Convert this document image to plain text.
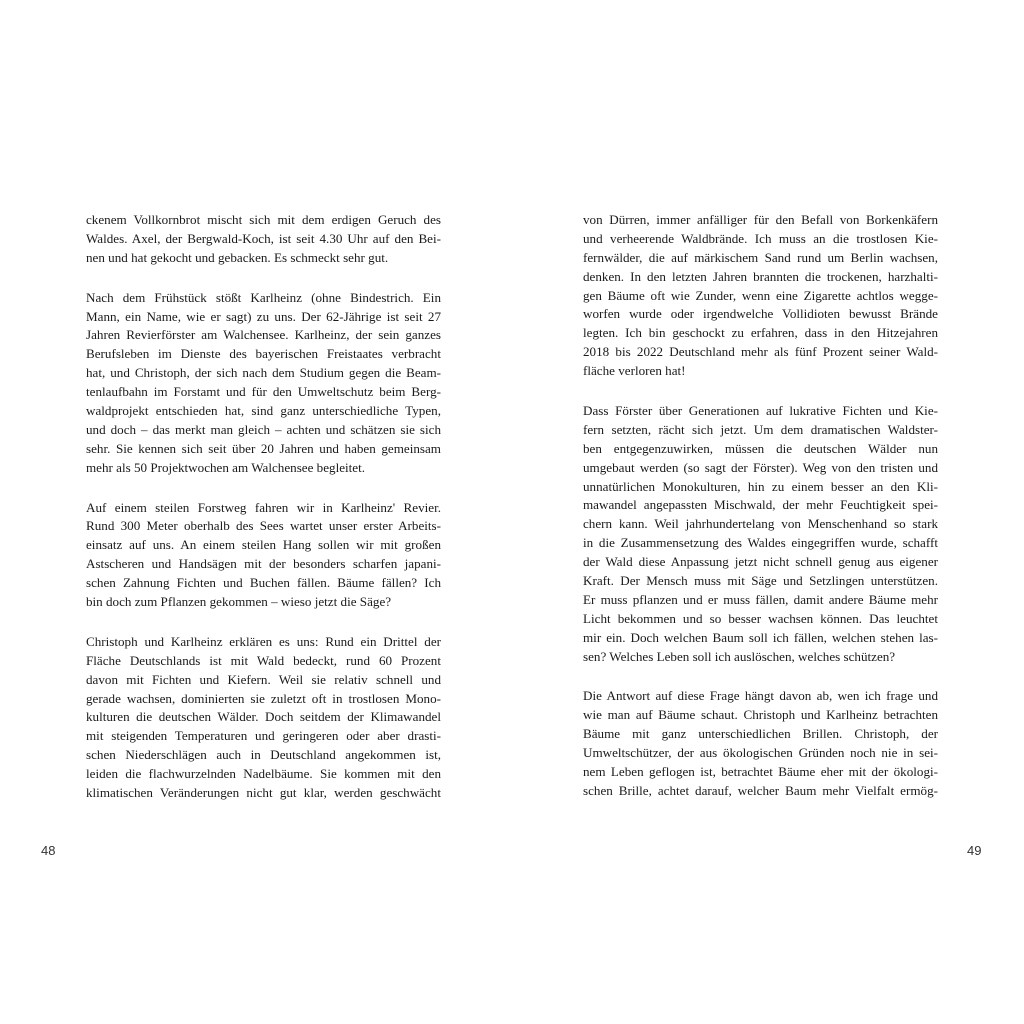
ckenem Vollkornbrot mischt sich mit dem erdigen Geruch des
Waldes. Axel, der Bergwald-Koch, ist seit 4.30 Uhr auf den Bei-
nen und hat gekocht und gebacken. Es schmeckt sehr gut.

Nach dem Frühstück stößt Karlheinz (ohne Bindestrich. Ein
Mann, ein Name, wie er sagt) zu uns. Der 62-Jährige ist seit 27
Jahren Revierförster am Walchensee. Karlheinz, der sein ganzes
Berufsleben im Dienste des bayerischen Freistaates verbracht
hat, und Christoph, der sich nach dem Studium gegen die Beam-
tenlaufbahn im Forstamt und für den Umweltschutz beim Berg-
waldprojekt entschieden hat, sind ganz unterschiedliche Typen,
und doch – das merkt man gleich – achten und schätzen sie sich
sehr. Sie kennen sich seit über 20 Jahren und haben gemeinsam
mehr als 50 Projektwochen am Walchensee begleitet.

Auf einem steilen Forstweg fahren wir in Karlheinz' Revier.
Rund 300 Meter oberhalb des Sees wartet unser erster Arbeits-
einsatz auf uns. An einem steilen Hang sollen wir mit großen
Astscheren und Handsägen mit der besonders scharfen japani-
schen Zahnung Fichten und Buchen fällen. Bäume fällen? Ich
bin doch zum Pflanzen gekommen – wieso jetzt die Säge?

Christoph und Karlheinz erklären es uns: Rund ein Drittel der
Fläche Deutschlands ist mit Wald bedeckt, rund 60 Prozent
davon mit Fichten und Kiefern. Weil sie relativ schnell und
gerade wachsen, dominierten sie zuletzt oft in trostlosen Mono-
kulturen die deutschen Wälder. Doch seitdem der Klimawandel
mit steigenden Temperaturen und geringeren oder aber drasti-
schen Niederschlägen auch in Deutschland angekommen ist,
leiden die flachwurzelnden Nadelbäume. Sie kommen mit den
klimatischen Veränderungen nicht gut klar, werden geschwächt

von Dürren, immer anfälliger für den Befall von Borkenkäfern
und verheerende Waldbrände. Ich muss an die trostlosen Kie-
fernwälder, die auf märkischem Sand rund um Berlin wachsen,
denken. In den letzten Jahren brannten die trockenen, harzhalti-
gen Bäume oft wie Zunder, wenn eine Zigarette achtlos wegge-
worfen wurde oder irgendwelche Vollidioten bewusst Brände
legten. Ich bin geschockt zu erfahren, dass in den Hitzejahren
2018 bis 2022 Deutschland mehr als fünf Prozent seiner Wald-
fläche verloren hat!

Dass Förster über Generationen auf lukrative Fichten und Kie-
fern setzten, rächt sich jetzt. Um dem dramatischen Waldster-
ben entgegenzuwirken, müssen die deutschen Wälder nun
umgebaut werden (so sagt der Förster). Weg von den tristen und
unnatürlichen Monokulturen, hin zu einem besser an den Kli-
mawandel angepassten Mischwald, der mehr Feuchtigkeit spei-
chern kann. Weil jahrhundertelang von Menschenhand so stark
in die Zusammensetzung des Waldes eingegriffen wurde, schafft
der Wald diese Anpassung jetzt nicht schnell genug aus eigener
Kraft. Der Mensch muss mit Säge und Setzlingen unterstützen.
Er muss pflanzen und er muss fällen, damit andere Bäume mehr
Licht bekommen und so besser wachsen können. Das leuchtet
mir ein. Doch welchen Baum soll ich fällen, welchen stehen las-
sen? Welches Leben soll ich auslöschen, welches schützen?

Die Antwort auf diese Frage hängt davon ab, wen ich frage und
wie man auf Bäume schaut. Christoph und Karlheinz betrachten
Bäume mit ganz unterschiedlichen Brillen. Christoph, der
Umweltschützer, der aus ökologischen Gründen noch nie in sei-
nem Leben geflogen ist, betrachtet Bäume eher mit der ökologi-
schen Brille, achtet darauf, welcher Baum mehr Vielfalt ermög-

48	49
